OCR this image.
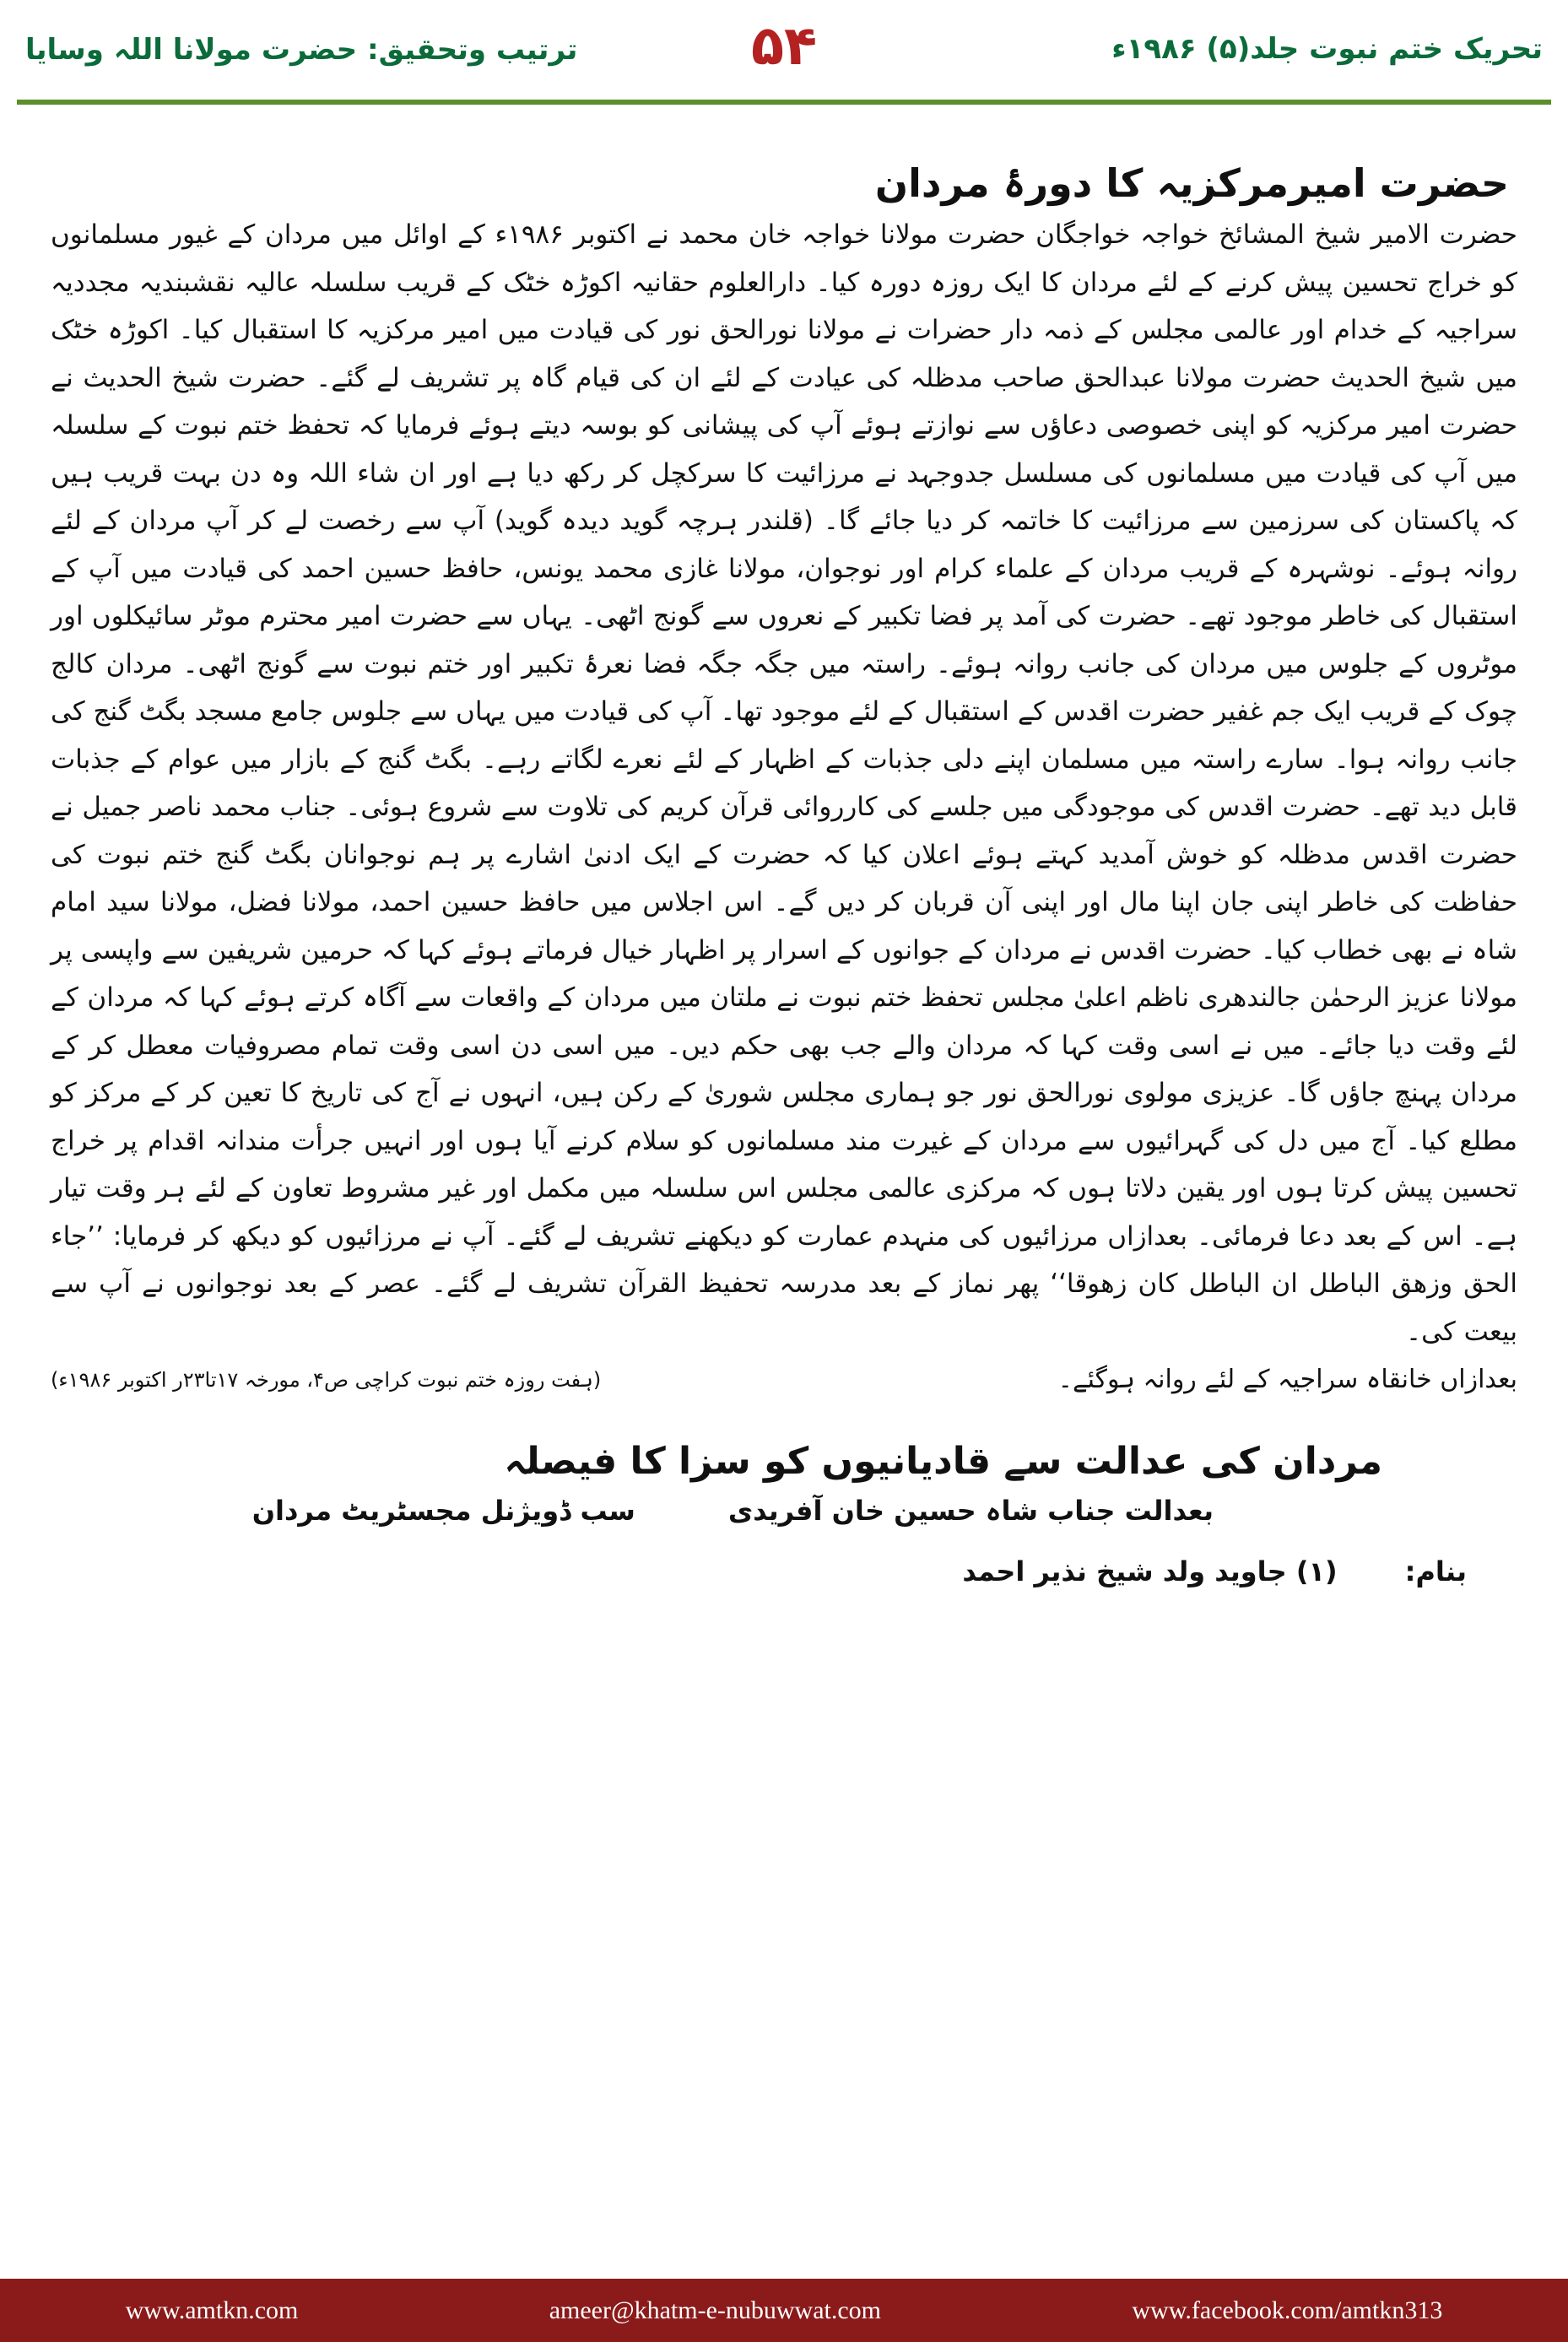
ترتیب وتحقیق: حضرت مولانا اللہ وسایا	۵۴	تحریک ختم نبوت جلد(۵) ۱۹۸۶ء
حضرت امیرمرکزیہ کا دورۂ مردان

حضرت الامیر شیخ المشائخ خواجہ خواجگان حضرت مولانا خواجہ خان محمد نے اکتوبر ۱۹۸۶ء کے اوائل میں مردان کے غیور مسلمانوں کو خراج تحسین پیش کرنے کے لئے مردان کا ایک روزہ دورہ کیا۔ دارالعلوم حقانیہ اکوڑہ خٹک کے قریب سلسلہ عالیہ نقشبندیہ مجددیہ سراجیہ کے خدام اور عالمی مجلس کے ذمہ دار حضرات نے مولانا نورالحق نور کی قیادت میں امیر مرکزیہ کا استقبال کیا۔ اکوڑہ خٹک میں شیخ الحدیث حضرت مولانا عبدالحق صاحب مدظلہ کی عیادت کے لئے ان کی قیام گاہ پر تشریف لے گئے۔ حضرت شیخ الحدیث نے حضرت امیر مرکزیہ کو اپنی خصوصی دعاؤں سے نوازتے ہوئے آپ کی پیشانی کو بوسہ دیتے ہوئے فرمایا کہ تحفظ ختم نبوت کے سلسلہ میں آپ کی قیادت میں مسلمانوں کی مسلسل جدوجہد نے مرزائیت کا سرکچل کر رکھ دیا ہے اور ان شاء اللہ وہ دن بہت قریب ہیں کہ پاکستان کی سرزمین سے مرزائیت کا خاتمہ کر دیا جائے گا۔ (قلندر ہرچہ گوید دیدہ گوید) آپ سے رخصت لے کر آپ مردان کے لئے روانہ ہوئے۔ نوشہرہ کے قریب مردان کے علماء کرام اور نوجوان، مولانا غازی محمد یونس، حافظ حسین احمد کی قیادت میں آپ کے استقبال کی خاطر موجود تھے۔ حضرت کی آمد پر فضا تکبیر کے نعروں سے گونج اٹھی۔ یہاں سے حضرت امیر محترم موٹر سائیکلوں اور موٹروں کے جلوس میں مردان کی جانب روانہ ہوئے۔ راستہ میں جگہ جگہ فضا نعرۂ تکبیر اور ختم نبوت سے گونج اٹھی۔ مردان کالج چوک کے قریب ایک جم غفیر حضرت اقدس کے استقبال کے لئے موجود تھا۔ آپ کی قیادت میں یہاں سے جلوس جامع مسجد بگٹ گنج کی جانب روانہ ہوا۔ سارے راستہ میں مسلمان اپنے دلی جذبات کے اظہار کے لئے نعرے لگاتے رہے۔ بگٹ گنج کے بازار میں عوام کے جذبات قابل دید تھے۔ حضرت اقدس کی موجودگی میں جلسے کی کارروائی قرآن کریم کی تلاوت سے شروع ہوئی۔ جناب محمد ناصر جمیل نے حضرت اقدس مدظلہ کو خوش آمدید کہتے ہوئے اعلان کیا کہ حضرت کے ایک ادنیٰ اشارے پر ہم نوجوانان بگٹ گنج ختم نبوت کی حفاظت کی خاطر اپنی جان اپنا مال اور اپنی آن قربان کر دیں گے۔ اس اجلاس میں حافظ حسین احمد، مولانا فضل، مولانا سید امام شاہ نے بھی خطاب کیا۔ حضرت اقدس نے مردان کے جوانوں کے اسرار پر اظہار خیال فرماتے ہوئے کہا کہ حرمین شریفین سے واپسی پر مولانا عزیز الرحمٰن جالندھری ناظم اعلیٰ مجلس تحفظ ختم نبوت نے ملتان میں مردان کے واقعات سے آگاہ کرتے ہوئے کہا کہ مردان کے لئے وقت دیا جائے۔ میں نے اسی وقت کہا کہ مردان والے جب بھی حکم دیں۔ میں اسی دن اسی وقت تمام مصروفیات معطل کر کے مردان پہنچ جاؤں گا۔ عزیزی مولوی نورالحق نور جو ہماری مجلس شوریٰ کے رکن ہیں، انہوں نے آج کی تاریخ کا تعین کر کے مرکز کو مطلع کیا۔ آج میں دل کی گہرائیوں سے مردان کے غیرت مند مسلمانوں کو سلام کرنے آیا ہوں اور انہیں جرأت مندانہ اقدام پر خراج تحسین پیش کرتا ہوں اور یقین دلاتا ہوں کہ مرکزی عالمی مجلس اس سلسلہ میں مکمل اور غیر مشروط تعاون کے لئے ہر وقت تیار ہے۔ اس کے بعد دعا فرمائی۔ بعدازاں مرزائیوں کی منہدم عمارت کو دیکھنے تشریف لے گئے۔ آپ نے مرزائیوں کو دیکھ کر فرمایا: ’’جاء الحق وزھق الباطل ان الباطل کان زھوقا‘‘ پھر نماز کے بعد مدرسہ تحفیظ القرآن تشریف لے گئے۔ عصر کے بعد نوجوانوں نے آپ سے بیعت کی۔

بعدازاں خانقاہ سراجیہ کے لئے روانہ ہوگئے۔
(ہفت روزہ ختم نبوت کراچی ص۴، مورخہ ۱۷تا۲۳ر اکتوبر ۱۹۸۶ء)
مردان کی عدالت سے قادیانیوں کو سزا کا فیصلہ
بعدالت جناب شاہ حسین خان آفریدی
سب ڈویژنل مجسٹریٹ مردان
بنام:
(۱) جاوید ولد شیخ نذیر احمد
www.amtkn.com	ameer@khatm-e-nubuwwat.com	www.facebook.com/amtkn313
